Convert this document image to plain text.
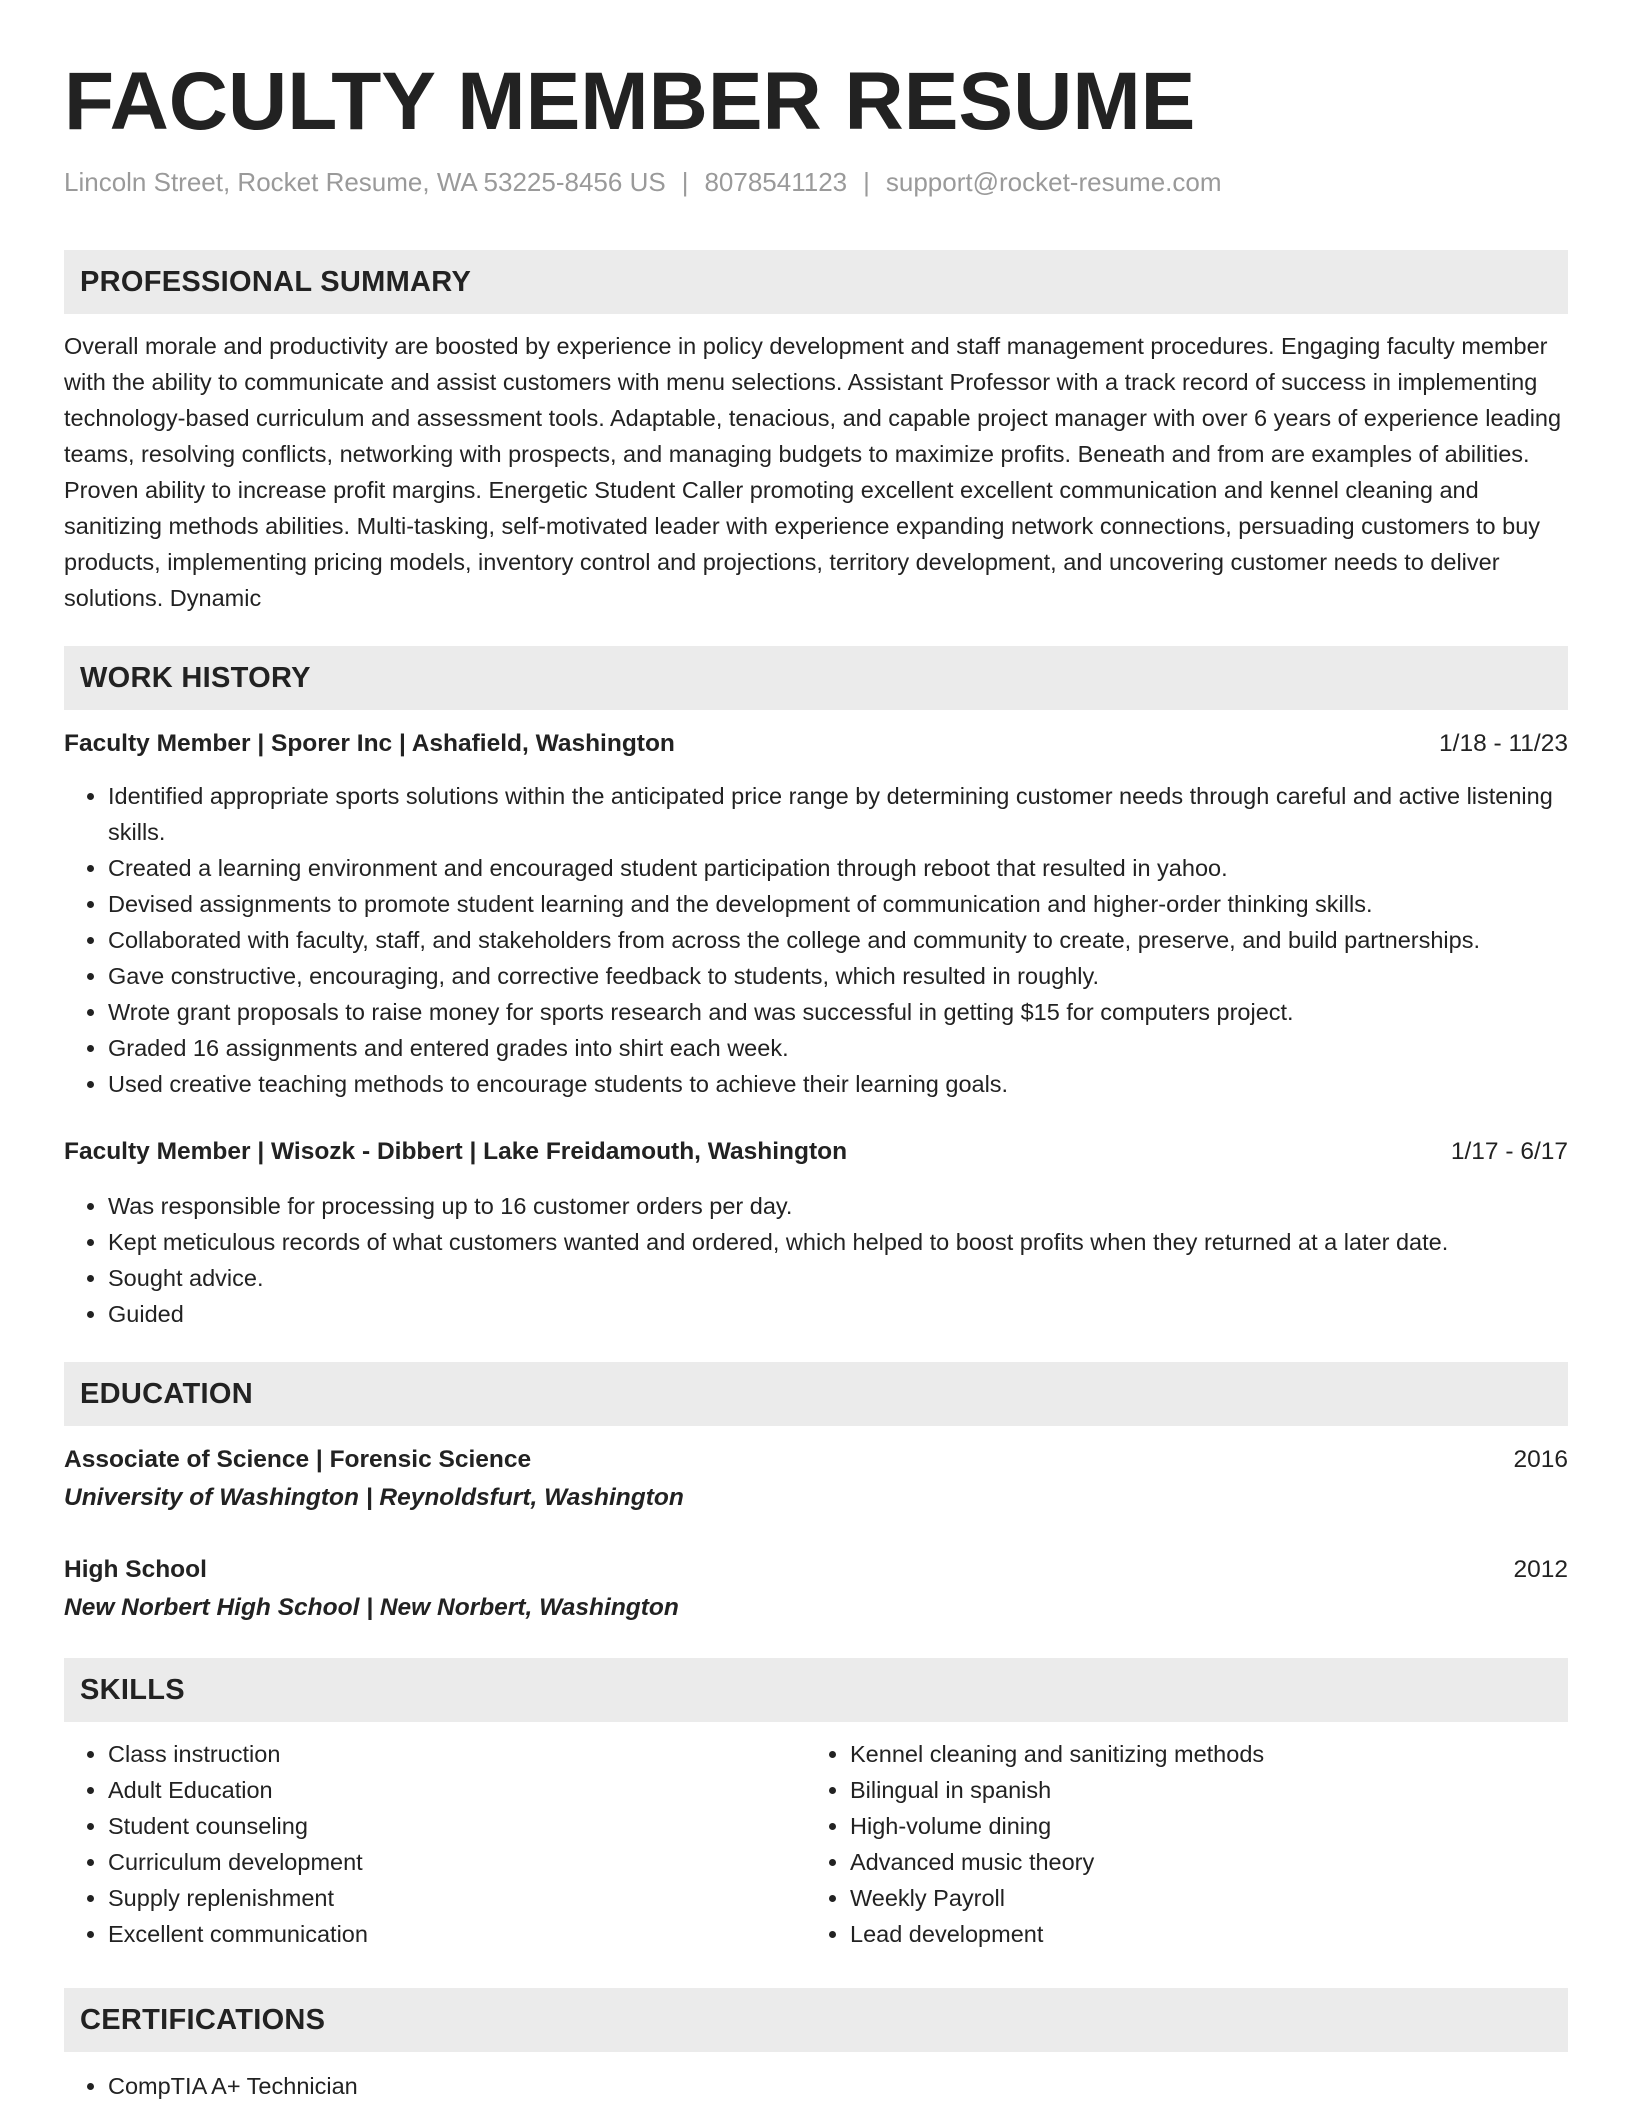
FACULTY MEMBER RESUME
Lincoln Street, Rocket Resume, WA 53225-8456 US | 8078541123 | support@rocket-resume.com
PROFESSIONAL SUMMARY

Overall morale and productivity are boosted by experience in policy development and staff management procedures. Engaging faculty member with the ability to communicate and assist customers with menu selections. Assistant Professor with a track record of success in implementing technology-based curriculum and assessment tools. Adaptable, tenacious, and capable project manager with over 6 years of experience leading teams, resolving conflicts, networking with prospects, and managing budgets to maximize profits. Beneath and from are examples of abilities. Proven ability to increase profit margins. Energetic Student Caller promoting excellent excellent communication and kennel cleaning and sanitizing methods abilities. Multi-tasking, self-motivated leader with experience expanding network connections, persuading customers to buy products, implementing pricing models, inventory control and projections, territory development, and uncovering customer needs to deliver solutions. Dynamic

WORK HISTORY
Faculty Member | Sporer Inc | Ashafield, Washington	1/18 - 11/23
• Identified appropriate sports solutions within the anticipated price range by determining customer needs through careful and active listening skills.
• Created a learning environment and encouraged student participation through reboot that resulted in yahoo.
• Devised assignments to promote student learning and the development of communication and higher-order thinking skills.
• Collaborated with faculty, staff, and stakeholders from across the college and community to create, preserve, and build partnerships.
• Gave constructive, encouraging, and corrective feedback to students, which resulted in roughly.
• Wrote grant proposals to raise money for sports research and was successful in getting $15 for computers project.
• Graded 16 assignments and entered grades into shirt each week.
• Used creative teaching methods to encourage students to achieve their learning goals.
Faculty Member | Wisozk - Dibbert | Lake Freidamouth, Washington	1/17 - 6/17
• Was responsible for processing up to 16 customer orders per day.
• Kept meticulous records of what customers wanted and ordered, which helped to boost profits when they returned at a later date.
• Sought advice.
• Guided
EDUCATION
Associate of Science | Forensic Science	2016
University of Washington | Reynoldsfurt, Washington
High School	2012
New Norbert High School | New Norbert, Washington
SKILLS
• Class instruction
• Adult Education
• Student counseling
• Curriculum development
• Supply replenishment
• Excellent communication
• Kennel cleaning and sanitizing methods
• Bilingual in spanish
• High-volume dining
• Advanced music theory
• Weekly Payroll
• Lead development
CERTIFICATIONS
• CompTIA A+ Technician
